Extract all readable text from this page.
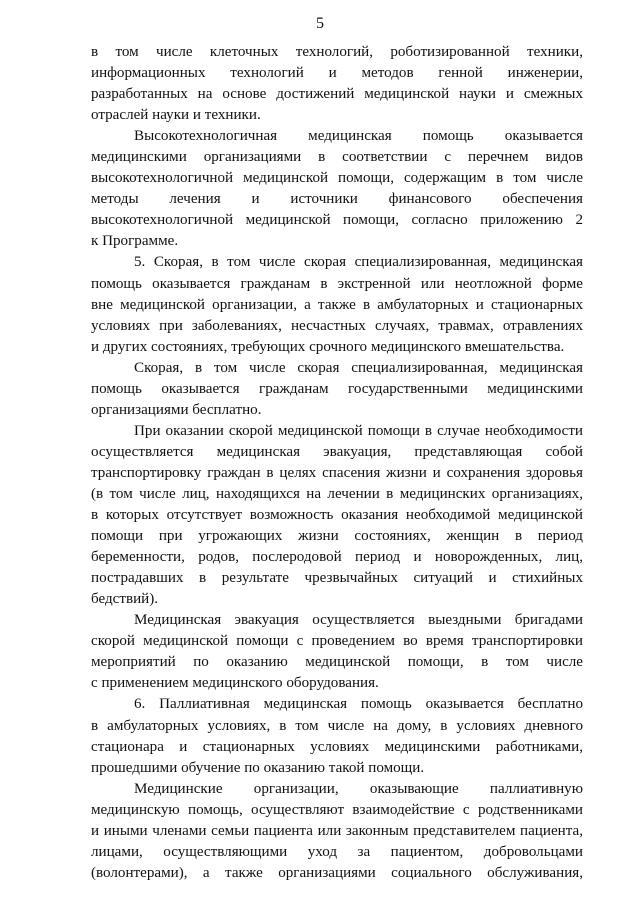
5
в том числе клеточных технологий, роботизированной техники,
информационных технологий и методов генной инженерии,
разработанных на основе достижений медицинской науки и смежных
отраслей науки и техники.
Высокотехнологичная медицинская помощь оказывается
медицинскими организациями в соответствии с перечнем видов
высокотехнологичной медицинской помощи, содержащим в том числе
методы лечения и источники финансового обеспечения
высокотехнологичной медицинской помощи, согласно приложению 2
к Программе.
5. Скорая, в том числе скорая специализированная, медицинская
помощь оказывается гражданам в экстренной или неотложной форме
вне медицинской организации, а также в амбулаторных и стационарных
условиях при заболеваниях, несчастных случаях, травмах, отравлениях
и других состояниях, требующих срочного медицинского вмешательства.
Скорая, в том числе скорая специализированная, медицинская
помощь оказывается гражданам государственными медицинскими
организациями бесплатно.
При оказании скорой медицинской помощи в случае необходимости
осуществляется медицинская эвакуация, представляющая собой
транспортировку граждан в целях спасения жизни и сохранения здоровья
(в том числе лиц, находящихся на лечении в медицинских организациях,
в которых отсутствует возможность оказания необходимой медицинской
помощи при угрожающих жизни состояниях, женщин в период
беременности, родов, послеродовой период и новорожденных, лиц,
пострадавших в результате чрезвычайных ситуаций и стихийных
бедствий).
Медицинская эвакуация осуществляется выездными бригадами
скорой медицинской помощи с проведением во время транспортировки
мероприятий по оказанию медицинской помощи, в том числе
с применением медицинского оборудования.
6. Паллиативная медицинская помощь оказывается бесплатно
в амбулаторных условиях, в том числе на дому, в условиях дневного
стационара и стационарных условиях медицинскими работниками,
прошедшими обучение по оказанию такой помощи.
Медицинские организации, оказывающие паллиативную
медицинскую помощь, осуществляют взаимодействие с родственниками
и иными членами семьи пациента или законным представителем пациента,
лицами, осуществляющими уход за пациентом, добровольцами
(волонтерами), а также организациями социального обслуживания,
